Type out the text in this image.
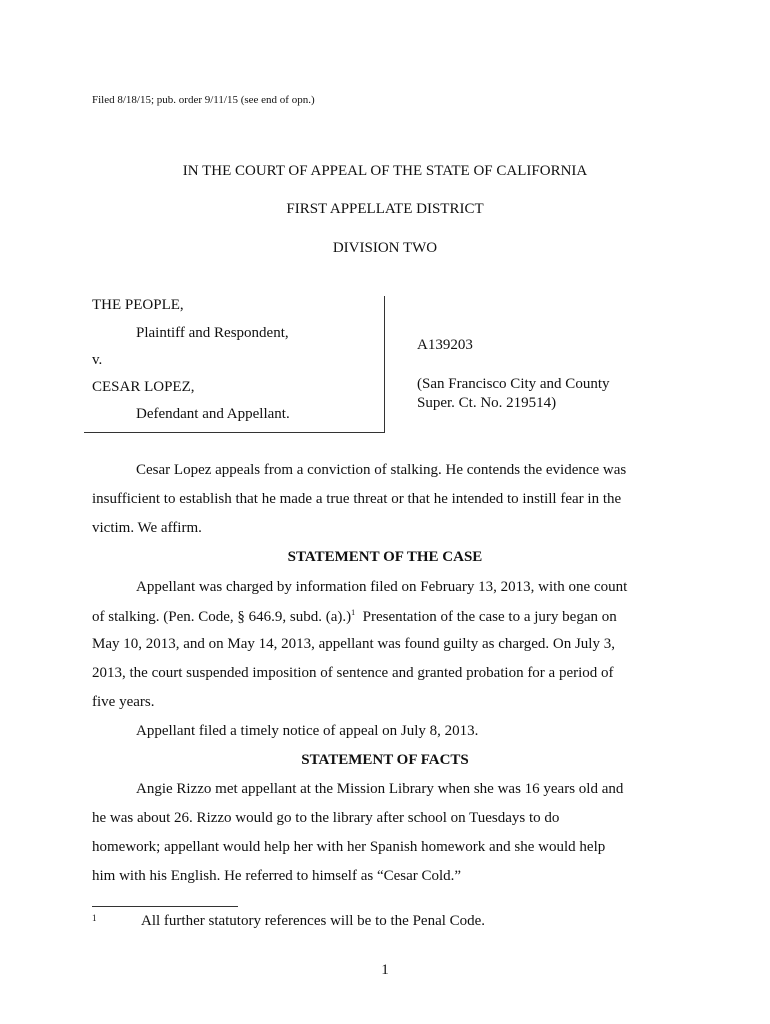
Filed 8/18/15; pub. order 9/11/15 (see end of opn.)
IN THE COURT OF APPEAL OF THE STATE OF CALIFORNIA
FIRST APPELLATE DISTRICT
DIVISION TWO
THE PEOPLE,
Plaintiff and Respondent,
v.
CESAR LOPEZ,
Defendant and Appellant.
A139203
(San Francisco City and County
Super. Ct. No. 219514)
Cesar Lopez appeals from a conviction of stalking. He contends the evidence was
insufficient to establish that he made a true threat or that he intended to instill fear in the
victim. We affirm.
STATEMENT OF THE CASE
Appellant was charged by information filed on February 13, 2013, with one count
of stalking. (Pen. Code, § 646.9, subd. (a).)$^1$  Presentation of the case to a jury began on
May 10, 2013, and on May 14, 2013, appellant was found guilty as charged. On July 3,
2013, the court suspended imposition of sentence and granted probation for a period of
five years.
Appellant filed a timely notice of appeal on July 8, 2013.
STATEMENT OF FACTS
Angie Rizzo met appellant at the Mission Library when she was 16 years old and
he was about 26. Rizzo would go to the library after school on Tuesdays to do
homework; appellant would help her with her Spanish homework and she would help
him with his English. He referred to himself as “Cesar Cold.”
1	All further statutory references will be to the Penal Code.
1
